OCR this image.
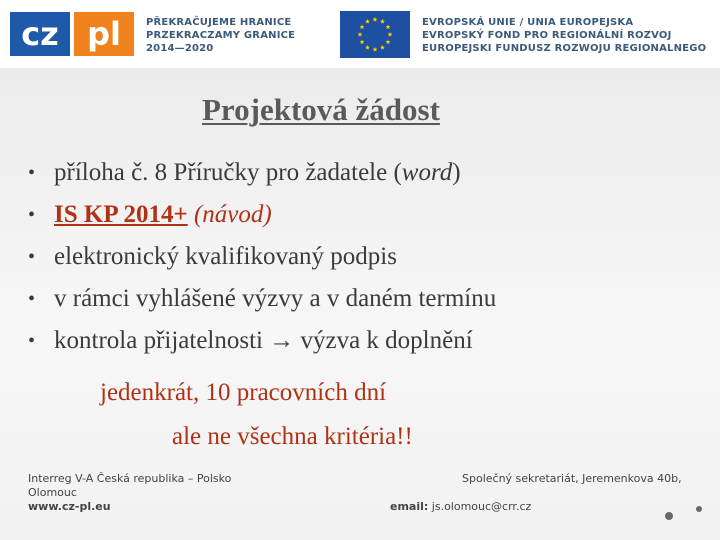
cz pl	PŘEKRAČUJEME HRANICE
PRZEKRACZAMY GRANICE
2014—2020
EVROPSKÁ UNIE / UNIA EUROPEJSKA
EVROPSKÝ FOND PRO REGIONÁLNÍ ROZVOJ
EUROPEJSKI FUNDUSZ ROZWOJU REGIONALNEGO
Projektová žádost
• příloha č. 8 Příručky pro žadatele (word)
• IS KP 2014+ (návod)
• elektronický kvalifikovaný podpis
• v rámci vyhlášené výzvy a v daném termínu
• kontrola přijatelnosti → výzva k doplnění
jedenkrát, 10 pracovních dní
ale ne všechna kritéria!!
Interreg V-A Česká republika – Polsko
Olomouc
www.cz-pl.eu
Společný sekretariát, Jeremenkova 40b,
email: js.olomouc@crr.cz
